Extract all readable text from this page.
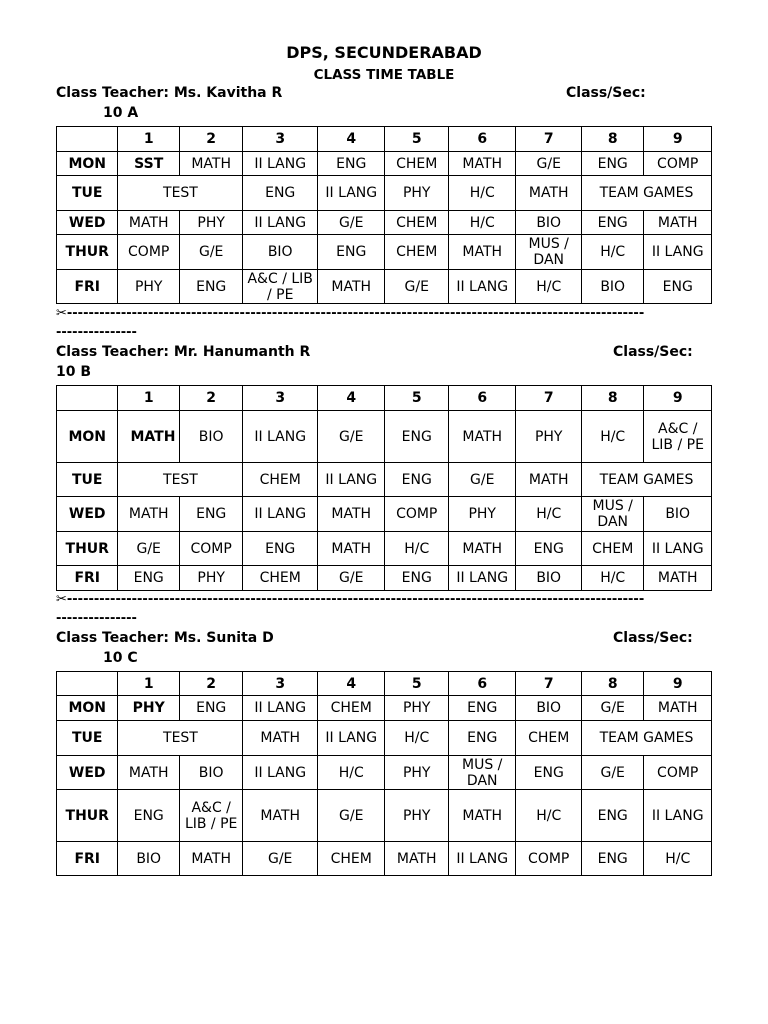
DPS, SECUNDERABAD
CLASS TIME TABLE
Class Teacher: Ms. Kavitha R	Class/Sec:
10 A
	1	2	3	4	5	6	7	8	9
MON	SST	MATH	II LANG	ENG	CHEM	MATH	G/E	ENG	COMP
TUE	TEST		ENG	II LANG	PHY	H/C	MATH	TEAM GAMES	
WED	MATH	PHY	II LANG	G/E	CHEM	H/C	BIO	ENG	MATH
THUR	COMP	G/E	BIO	ENG	CHEM	MATH	MUS / DAN	H/C	II LANG
FRI	PHY	ENG	A&C / LIB / PE	MATH	G/E	II LANG	H/C	BIO	ENG
✂-----------------------------------------------------------------------------------------------------------
---------------
Class Teacher: Mr. Hanumanth R	Class/Sec:
10 B
	1	2	3	4	5	6	7	8	9
MON	MATH	BIO	II LANG	G/E	ENG	MATH	PHY	H/C	A&C / LIB / PE
TUE	TEST		CHEM	II LANG	ENG	G/E	MATH	TEAM GAMES	
WED	MATH	ENG	II LANG	MATH	COMP	PHY	H/C	MUS / DAN	BIO
THUR	G/E	COMP	ENG	MATH	H/C	MATH	ENG	CHEM	II LANG
FRI	ENG	PHY	CHEM	G/E	ENG	II LANG	BIO	H/C	MATH
✂-----------------------------------------------------------------------------------------------------------
---------------
Class Teacher: Ms. Sunita D	Class/Sec:
10 C
	1	2	3	4	5	6	7	8	9
MON	PHY	ENG	II LANG	CHEM	PHY	ENG	BIO	G/E	MATH
TUE	TEST		MATH	II LANG	H/C	ENG	CHEM	TEAM GAMES	
WED	MATH	BIO	II LANG	H/C	PHY	MUS / DAN	ENG	G/E	COMP
THUR	ENG	A&C / LIB / PE	MATH	G/E	PHY	MATH	H/C	ENG	II LANG
FRI	BIO	MATH	G/E	CHEM	MATH	II LANG	COMP	ENG	H/C
